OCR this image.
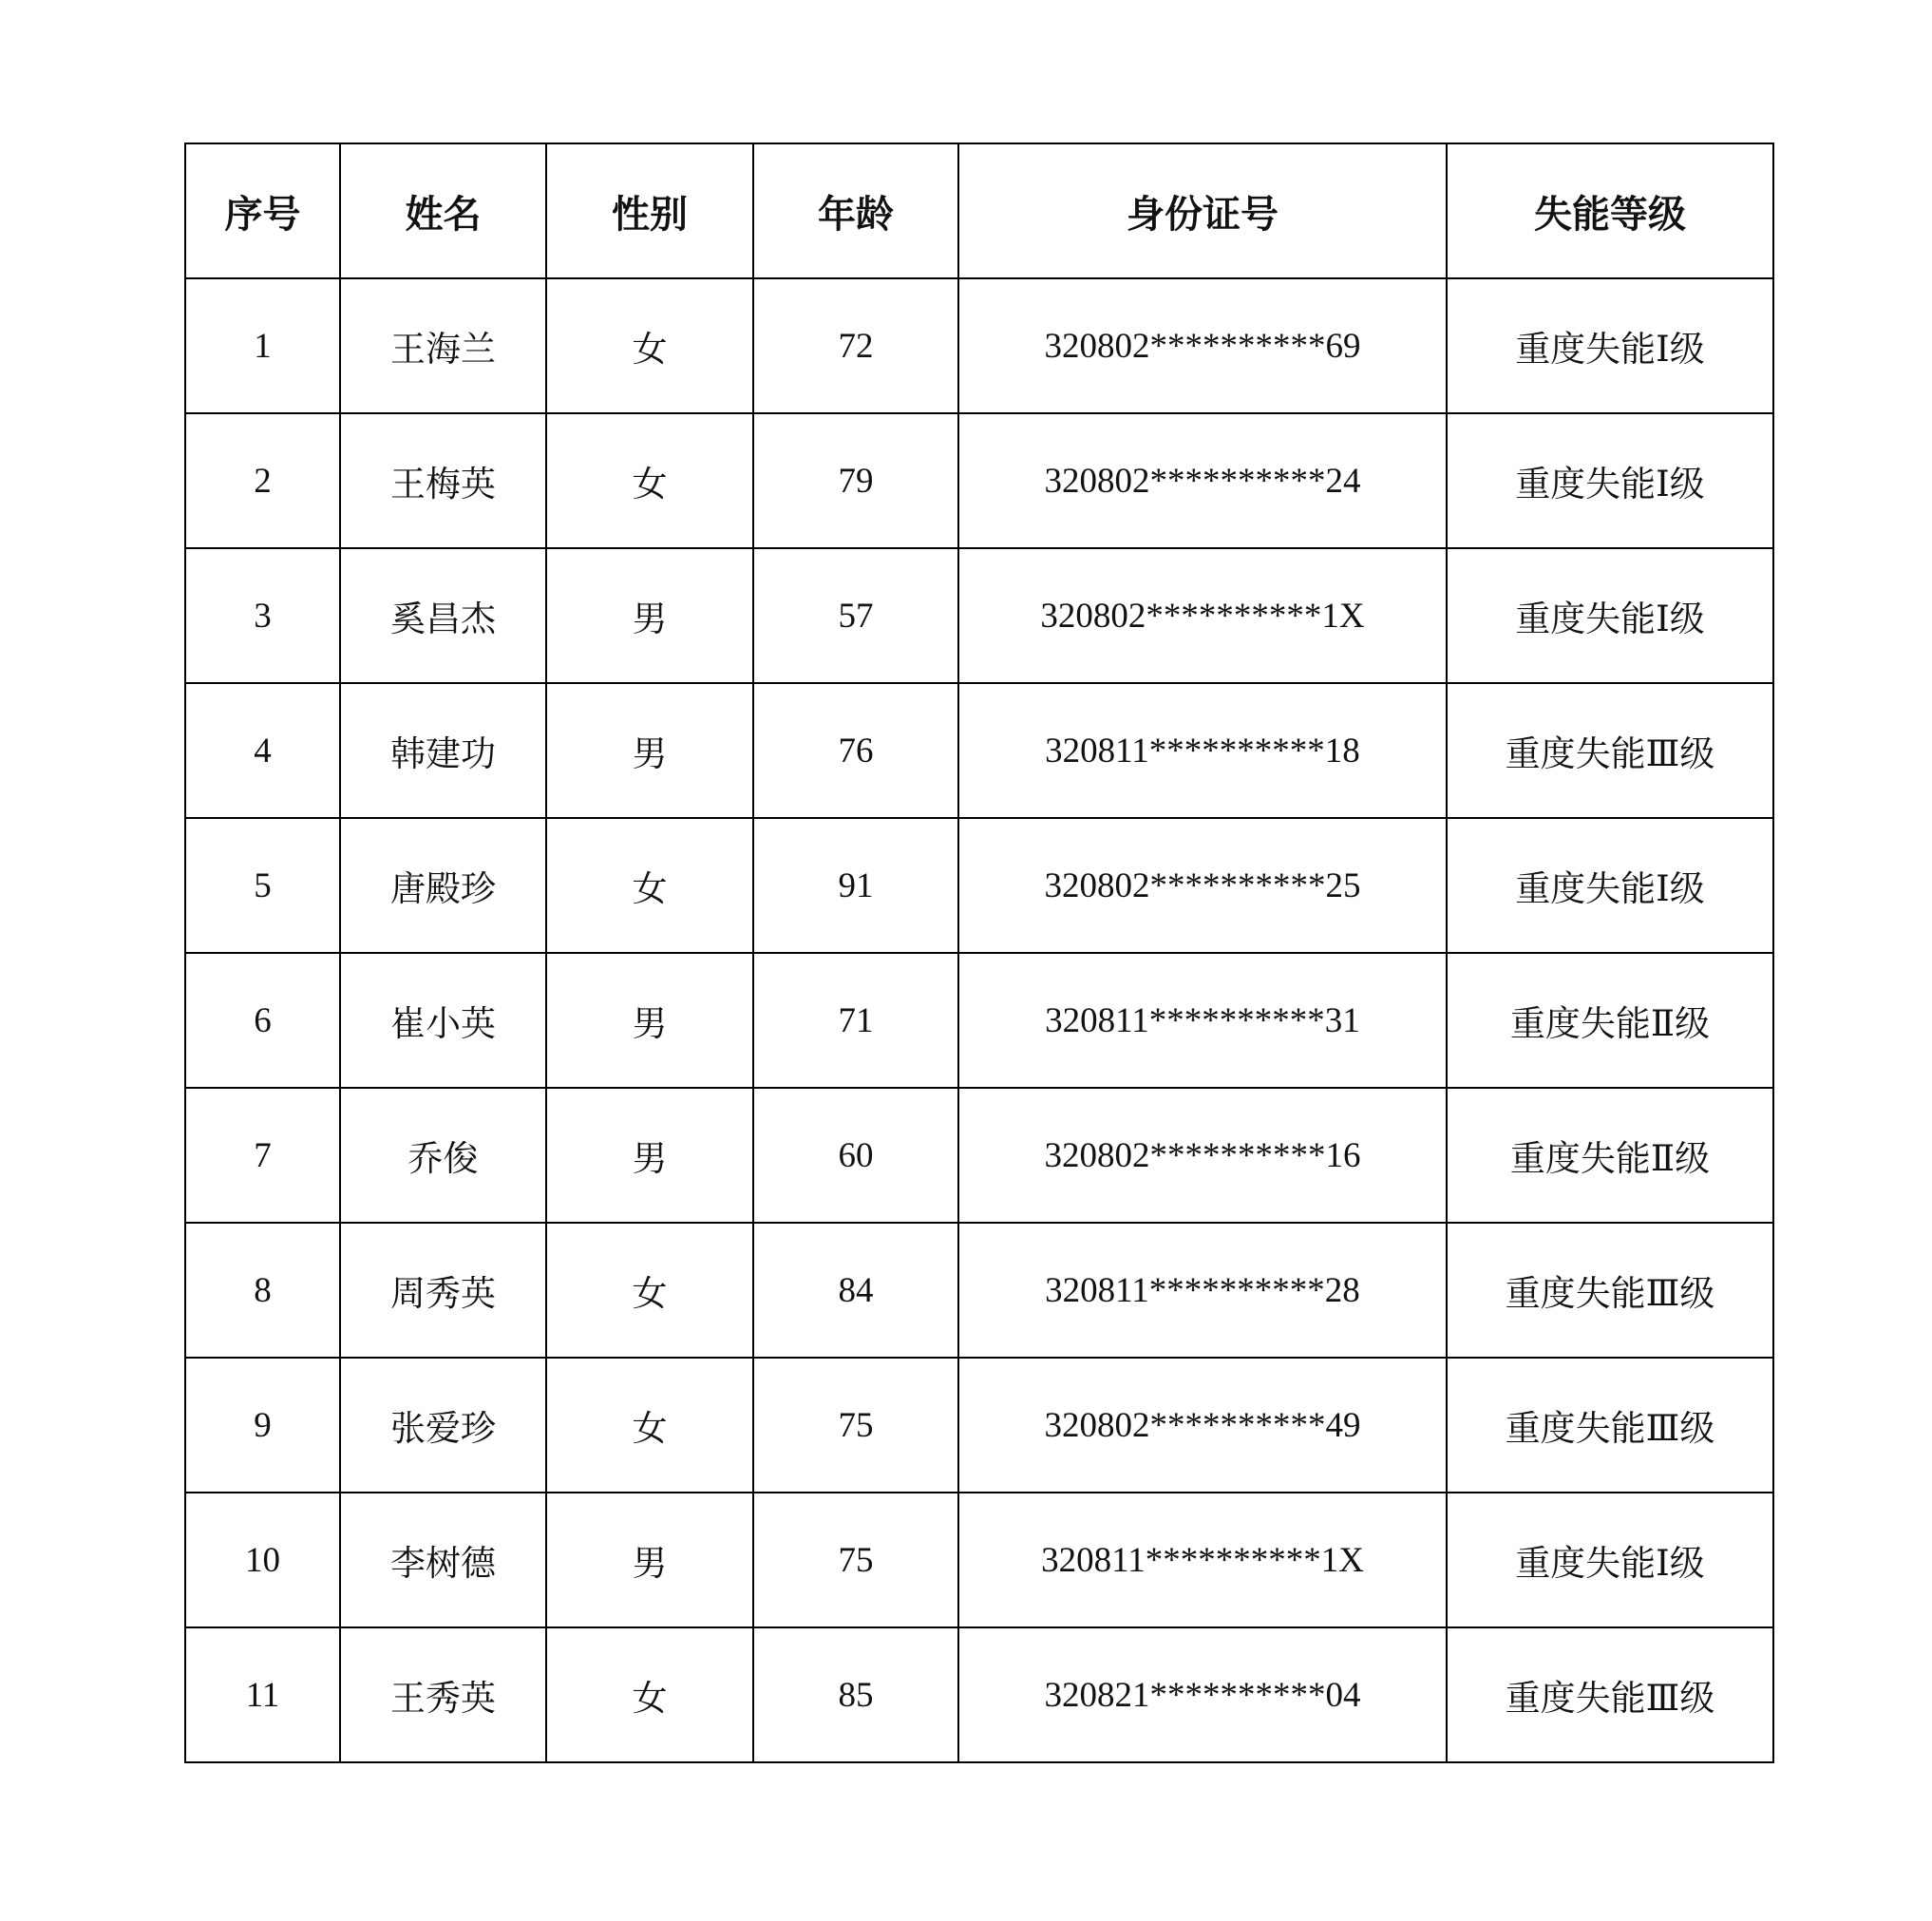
序号	姓名	性别	年龄	身份证号	失能等级
1	王海兰	女	72	320802**********69	重度失能Ⅰ级
2	王梅英	女	79	320802**********24	重度失能Ⅰ级
3	奚昌杰	男	57	320802**********1X	重度失能Ⅰ级
4	韩建功	男	76	320811**********18	重度失能Ⅲ级
5	唐殿珍	女	91	320802**********25	重度失能Ⅰ级
6	崔小英	男	71	320811**********31	重度失能Ⅱ级
7	乔俊	男	60	320802**********16	重度失能Ⅱ级
8	周秀英	女	84	320811**********28	重度失能Ⅲ级
9	张爱珍	女	75	320802**********49	重度失能Ⅲ级
10	李树德	男	75	320811**********1X	重度失能Ⅰ级
11	王秀英	女	85	320821**********04	重度失能Ⅲ级
